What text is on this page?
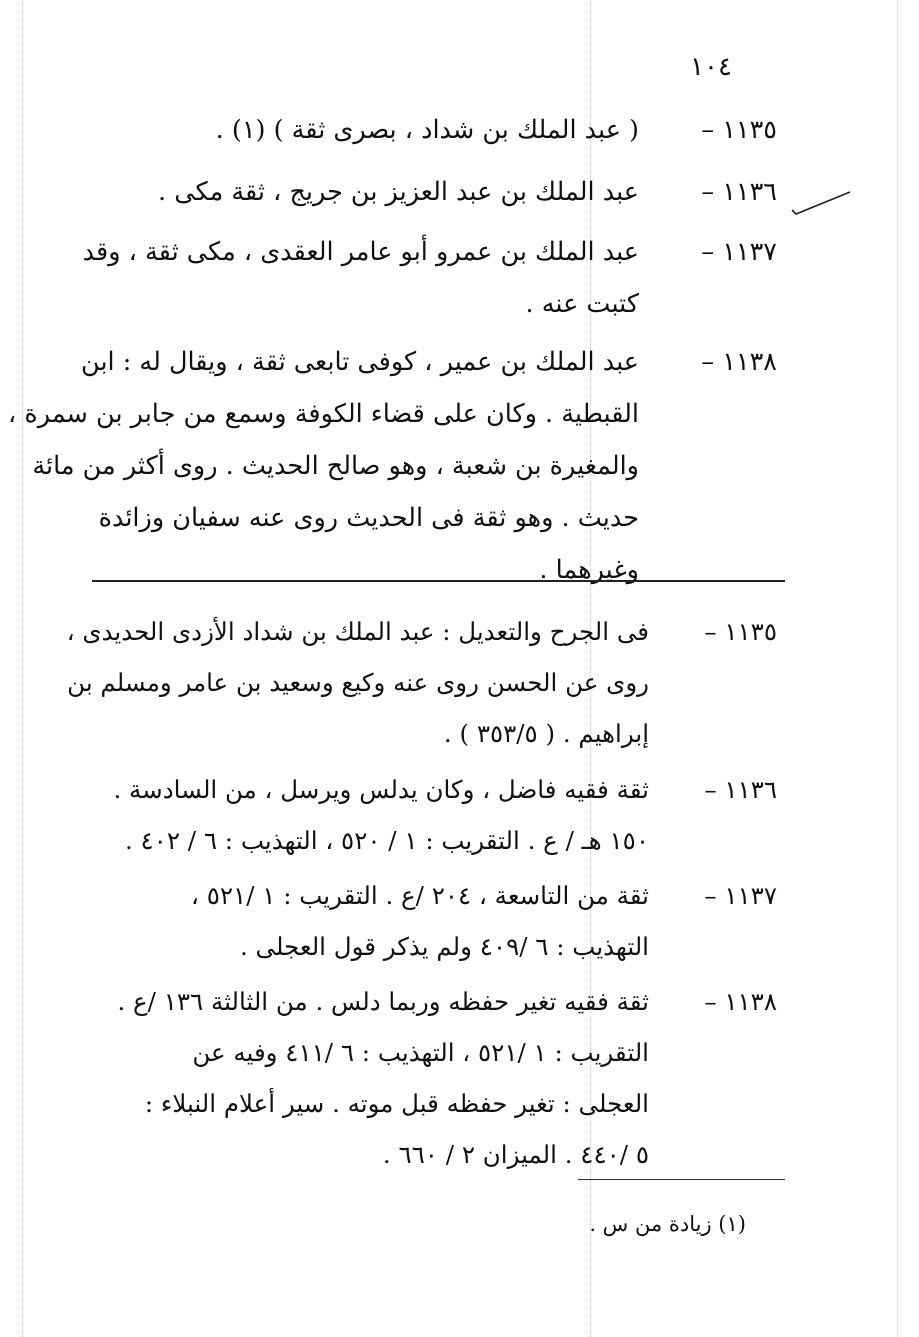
١٠٤
١١٣٥ –
( عبد الملك بن شداد ، بصرى ثقة ) (١) .
١١٣٦ –
عبد الملك بن عبد العزيز بن جريج ، ثقة مكى .
١١٣٧ –
عبد الملك بن عمرو أبو عامر العقدى ، مكى ثقة ، وقد
كتبت عنه .
١١٣٨ –
عبد الملك بن عمير ، كوفى تابعى ثقة ، ويقال له : ابن
القبطية . وكان على قضاء الكوفة وسمع من جابر بن سمرة ،
والمغيرة بن شعبة ، وهو صالح الحديث . روى أكثر من مائة
حديث . وهو ثقة فى الحديث روى عنه سفيان وزائدة
وغيرهما .
١١٣٥ –
فى الجرح والتعديل : عبد الملك بن شداد الأزدى الحديدى ،
روى عن الحسن روى عنه وكيع وسعيد بن عامر ومسلم بن
إبراهيم . ( ٣٥٣/٥ ) .
١١٣٦ –
ثقة فقيه فاضل ، وكان يدلس ويرسل ، من السادسة .
١٥٠ هـ / ع . التقريب : ١ / ٥٢٠ ، التهذيب : ٦ / ٤٠٢ .
١١٣٧ –
ثقة من التاسعة ، ٢٠٤ /ع . التقريب : ١ /٥٢١ ،
التهذيب : ٦ /٤٠٩ ولم يذكر قول العجلى .
١١٣٨ –
ثقة فقيه تغير حفظه وربما دلس . من الثالثة ١٣٦ /ع .
التقريب : ١ /٥٢١ ، التهذيب : ٦ /٤١١ وفيه عن
العجلى : تغير حفظه قبل موته . سير أعلام النبلاء :
٥ /٤٤٠ . الميزان ٢ / ٦٦٠ .
(١) زيادة من س .
